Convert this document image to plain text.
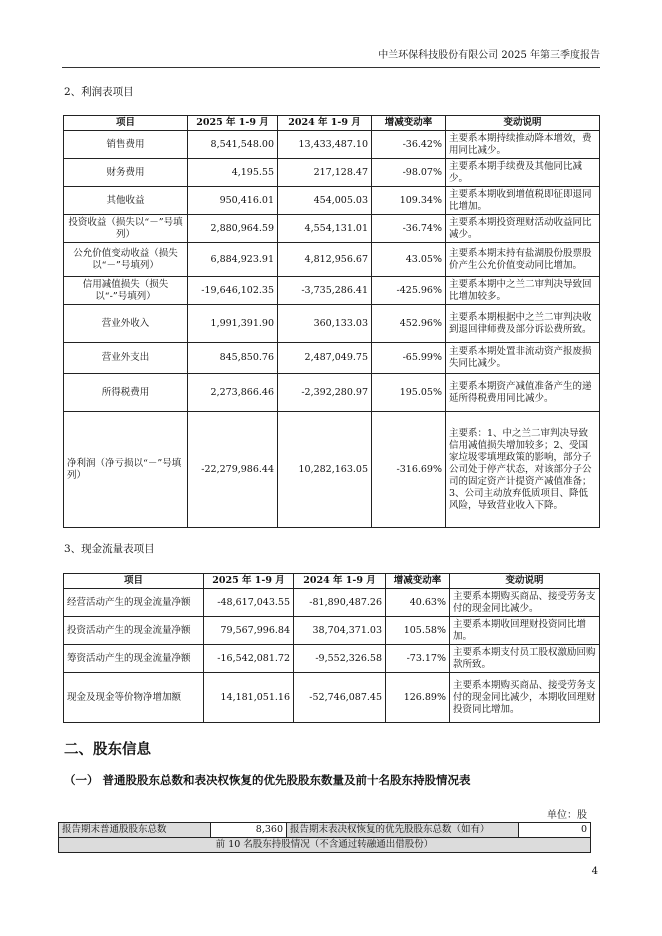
中兰环保科技股份有限公司 2025 年第三季度报告
2、利润表项目
项目	2025 年 1-9 月	2024 年 1-9 月	增减变动率	变动说明
销售费用	8,541,548.00	13,433,487.10	-36.42%	主要系本期持续推动降本增效，费用同比减少。
财务费用	4,195.55	217,128.47	-98.07%	主要系本期手续费及其他同比减少。
其他收益	950,416.01	454,005.03	109.34%	主要系本期收到增值税即征即退同比增加。
投资收益（损失以“－”号填列）	2,880,964.59	4,554,131.01	-36.74%	主要系本期投资理财活动收益同比减少。
公允价值变动收益（损失以“－”号填列）	6,884,923.91	4,812,956.67	43.05%	主要系本期末持有盐湖股份股票股价产生公允价值变动同比增加。
信用减值损失（损失以“-”号填列）	-19,646,102.35	-3,735,286.41	-425.96%	主要系本期中之兰二审判决导致回比增加较多。
营业外收入	1,991,391.90	360,133.03	452.96%	主要系本期根据中之兰二审判决收到退回律师费及部分诉讼费所致。
营业外支出	845,850.76	2,487,049.75	-65.99%	主要系本期处置非流动资产报废损失同比减少。
所得税费用	2,273,866.46	-2,392,280.97	195.05%	主要系本期资产减值准备产生的递延所得税费用同比减少。
净利润（净亏损以“－”号填列）	-22,279,986.44	10,282,163.05	-316.69%	主要系：1、中之兰二审判决导致信用减值损失增加较多；2、受国家垃圾零填埋政策的影响，部分子公司处于停产状态，对该部分子公司的固定资产计提资产减值准备；3、公司主动放弃低质项目、降低风险，导致营业收入下降。
3、现金流量表项目
项目	2025 年 1-9 月	2024 年 1-9 月	增减变动率	变动说明
经营活动产生的现金流量净额	-48,617,043.55	-81,890,487.26	40.63%	主要系本期购买商品、接受劳务支付的现金同比减少。
投资活动产生的现金流量净额	79,567,996.84	38,704,371.03	105.58%	主要系本期收回理财投资同比增加。
筹资活动产生的现金流量净额	-16,542,081.72	-9,552,326.58	-73.17%	主要系本期支付员工股权激励回购款所致。
现金及现金等价物净增加额	14,181,051.16	-52,746,087.45	126.89%	主要系本期购买商品、接受劳务支付的现金同比减少，本期收回理财投资同比增加。
二、股东信息
（一） 普通股股东总数和表决权恢复的优先股股东数量及前十名股东持股情况表
单位：股
报告期末普通股股东总数	8,360	报告期末表决权恢复的优先股股东总数（如有）	0
前 10 名股东持股情况（不含通过转融通出借股份）
4
